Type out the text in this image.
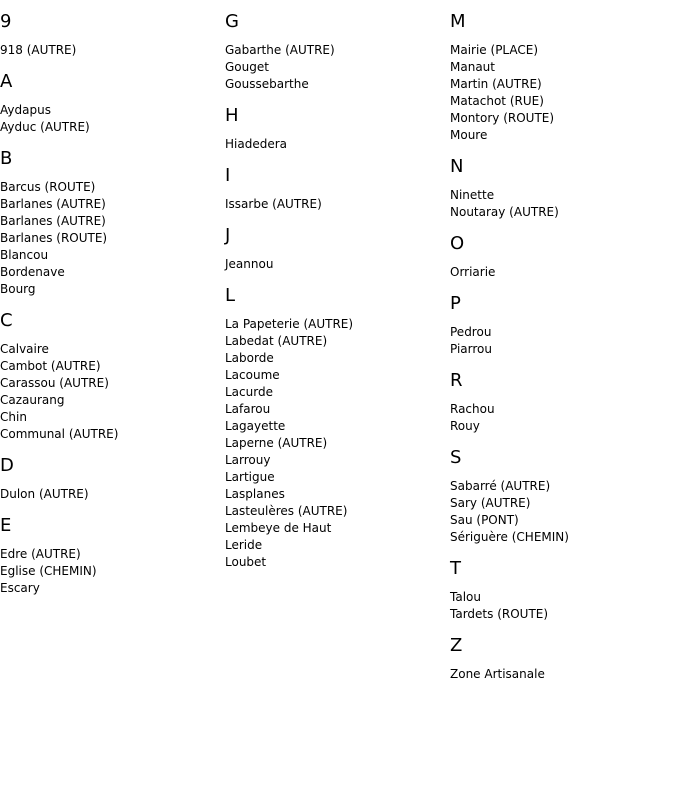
9
918 (AUTRE)
A
Aydapus
Ayduc (AUTRE)
B
Barcus (ROUTE)
Barlanes (AUTRE)
Barlanes (AUTRE)
Barlanes (ROUTE)
Blancou
Bordenave
Bourg
C
Calvaire
Cambot (AUTRE)
Carassou (AUTRE)
Cazaurang
Chin
Communal (AUTRE)
D
Dulon (AUTRE)
E
Edre (AUTRE)
Eglise (CHEMIN)
Escary
G
Gabarthe (AUTRE)
Gouget
Goussebarthe
H
Hiadedera
I
Issarbe (AUTRE)
J
Jeannou
L
La Papeterie (AUTRE)
Labedat (AUTRE)
Laborde
Lacoume
Lacurde
Lafarou
Lagayette
Laperne (AUTRE)
Larrouy
Lartigue
Lasplanes
Lasteulères (AUTRE)
Lembeye de Haut
Leride
Loubet
M
Mairie (PLACE)
Manaut
Martin (AUTRE)
Matachot (RUE)
Montory (ROUTE)
Moure
N
Ninette
Noutaray (AUTRE)
O
Orriarie
P
Pedrou
Piarrou
R
Rachou
Rouy
S
Sabarré (AUTRE)
Sary (AUTRE)
Sau (PONT)
Sériguère (CHEMIN)
T
Talou
Tardets (ROUTE)
Z
Zone Artisanale
